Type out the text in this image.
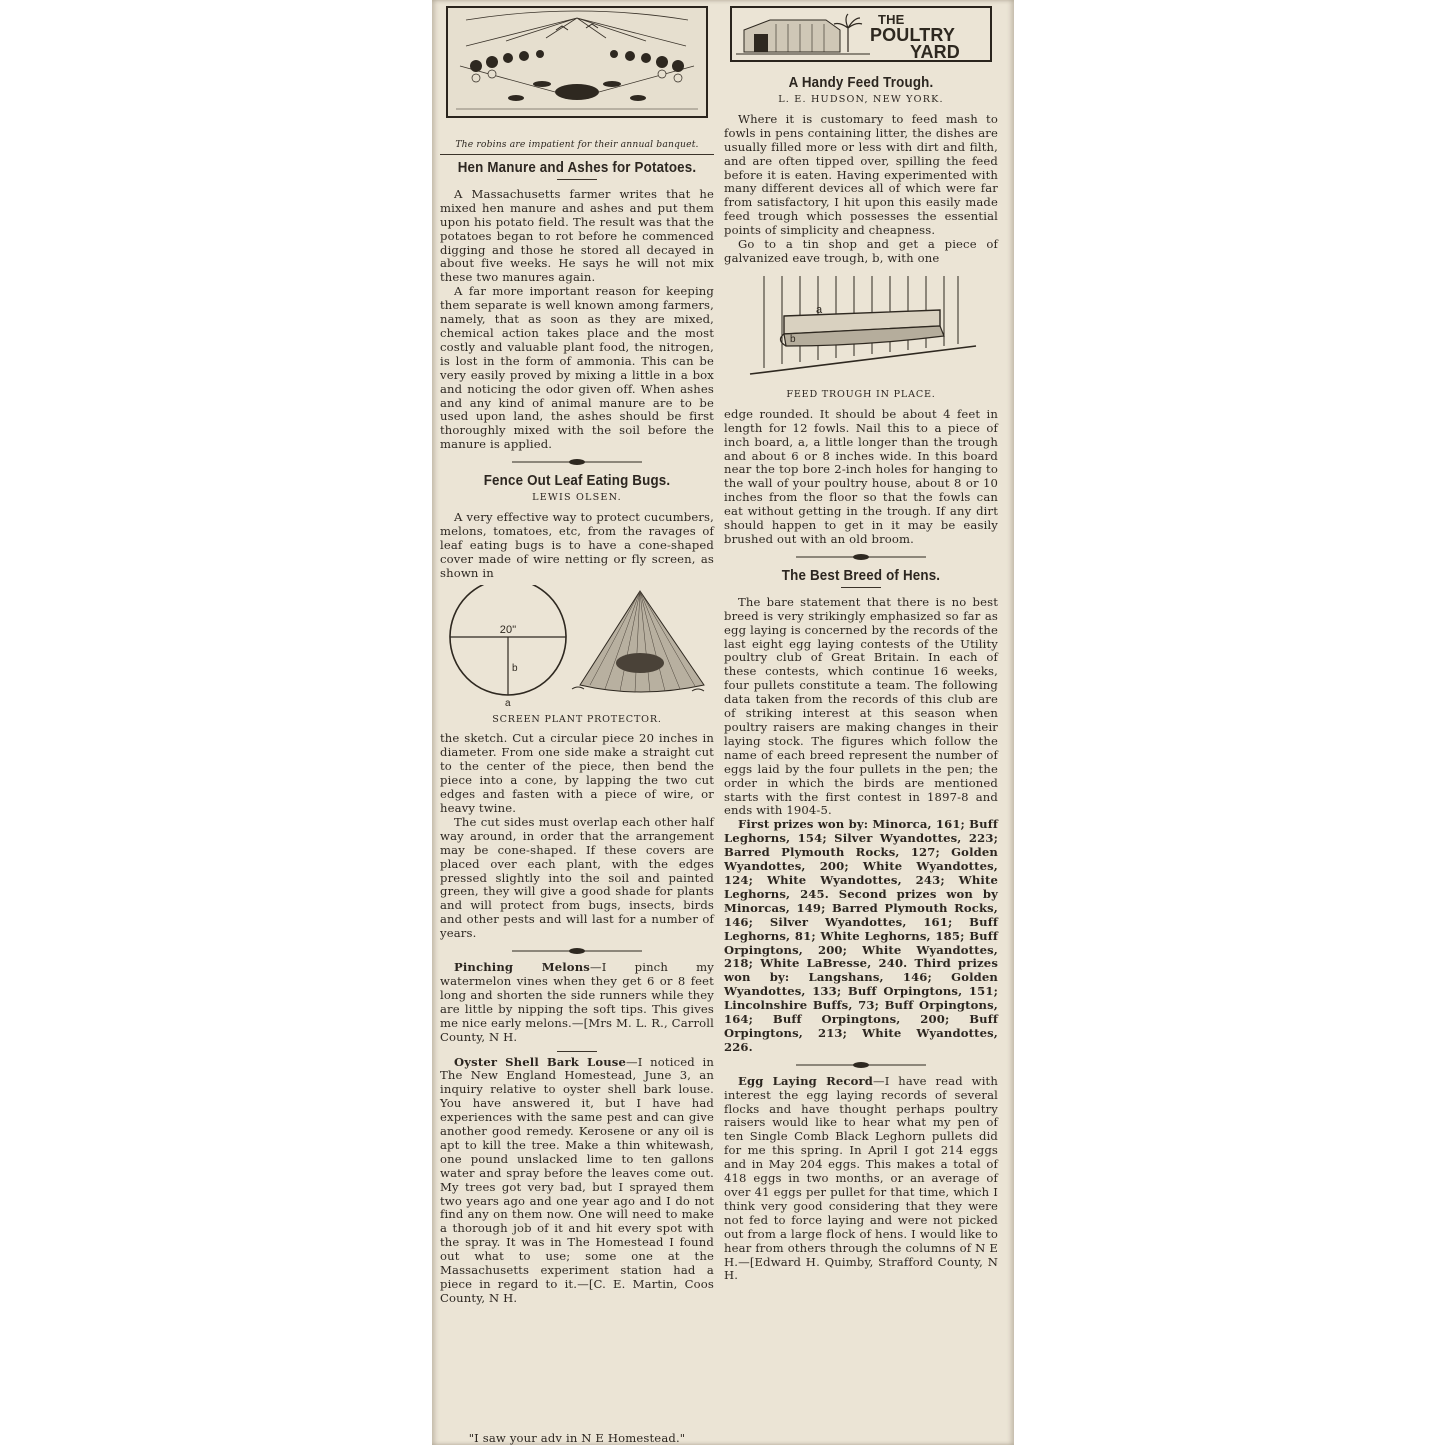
The robins are impatient for their annual banquet.
Hen Manure and Ashes for Potatoes.

A Massachusetts farmer writes that he mixed hen manure and ashes and put them upon his potato field. The result was that the potatoes began to rot before he commenced digging and those he stored all decayed in about five weeks. He says he will not mix these two manures again.

A far more important reason for keeping them separate is well known among farmers, namely, that as soon as they are mixed, chemical action takes place and the most costly and valuable plant food, the nitrogen, is lost in the form of ammonia. This can be very easily proved by mixing a little in a box and noticing the odor given off. When ashes and any kind of animal manure are to be used upon land, the ashes should be first thoroughly mixed with the soil before the manure is applied.

Fence Out Leaf Eating Bugs.
LEWIS OLSEN.

A very effective way to protect cucumbers, melons, tomatoes, etc, from the ravages of leaf eating bugs is to have a cone-shaped cover made of wire netting or fly screen, as shown in

20"
b
a
SCREEN PLANT PROTECTOR.

the sketch. Cut a circular piece 20 inches in diameter. From one side make a straight cut to the center of the piece, then bend the piece into a cone, by lapping the two cut edges and fasten with a piece of wire, or heavy twine.

The cut sides must overlap each other half way around, in order that the arrangement may be cone-shaped. If these covers are placed over each plant, with the edges pressed slightly into the soil and painted green, they will give a good shade for plants and will protect from bugs, insects, birds and other pests and will last for a number of years.

Pinching Melons—I pinch my watermelon vines when they get 6 or 8 feet long and shorten the side runners while they are little by nipping the soft tips. This gives me nice early melons.—[Mrs M. L. R., Carroll County, N H.

Oyster Shell Bark Louse—I noticed in The New England Homestead, June 3, an inquiry relative to oyster shell bark louse. You have answered it, but I have had experiences with the same pest and can give another good remedy. Kerosene or any oil is apt to kill the tree. Make a thin whitewash, one pound unslacked lime to ten gallons water and spray before the leaves come out. My trees got very bad, but I sprayed them two years ago and one year ago and I do not find any on them now. One will need to make a thorough job of it and hit every spot with the spray. It was in The Homestead I found out what to use; some one at the Massachusetts experiment station had a piece in regard to it.—[C. E. Martin, Coos County, N H.

"I saw your adv in N E Homestead."
THE
POULTRY
YARD
A Handy Feed Trough.
L. E. HUDSON, NEW YORK.

Where it is customary to feed mash to fowls in pens containing litter, the dishes are usually filled more or less with dirt and filth, and are often tipped over, spilling the feed before it is eaten. Having experimented with many different devices all of which were far from satisfactory, I hit upon this easily made feed trough which possesses the essential points of simplicity and cheapness.

Go to a tin shop and get a piece of galvanized eave trough, b, with one

a
b
FEED TROUGH IN PLACE.

edge rounded. It should be about 4 feet in length for 12 fowls. Nail this to a piece of inch board, a, a little longer than the trough and about 6 or 8 inches wide. In this board near the top bore 2-inch holes for hanging to the wall of your poultry house, about 8 or 10 inches from the floor so that the fowls can eat without getting in the trough. If any dirt should happen to get in it may be easily brushed out with an old broom.

The Best Breed of Hens.

The bare statement that there is no best breed is very strikingly emphasized so far as egg laying is concerned by the records of the last eight egg laying contests of the Utility poultry club of Great Britain. In each of these contests, which continue 16 weeks, four pullets constitute a team. The following data taken from the records of this club are of striking interest at this season when poultry raisers are making changes in their laying stock. The figures which follow the name of each breed represent the number of eggs laid by the four pullets in the pen; the order in which the birds are mentioned starts with the first contest in 1897-8 and ends with 1904-5.

First prizes won by: Minorca, 161; Buff Leghorns, 154; Silver Wyandottes, 223; Barred Plymouth Rocks, 127; Golden Wyandottes, 200; White Wyandottes, 124; White Wyandottes, 243; White Leghorns, 245. Second prizes won by Minorcas, 149; Barred Plymouth Rocks, 146; Silver Wyandottes, 161; Buff Leghorns, 81; White Leghorns, 185; Buff Orpingtons, 200; White Wyandottes, 218; White LaBresse, 240. Third prizes won by: Langshans, 146; Golden Wyandottes, 133; Buff Orpingtons, 151; Lincolnshire Buffs, 73; Buff Orpingtons, 164; Buff Orpingtons, 200; Buff Orpingtons, 213; White Wyandottes, 226.

Egg Laying Record—I have read with interest the egg laying records of several flocks and have thought perhaps poultry raisers would like to hear what my pen of ten Single Comb Black Leghorn pullets did for me this spring. In April I got 214 eggs and in May 204 eggs. This makes a total of 418 eggs in two months, or an average of over 41 eggs per pullet for that time, which I think very good considering that they were not fed to force laying and were not picked out from a large flock of hens. I would like to hear from others through the columns of N E H.—[Edward H. Quimby, Strafford County, N H.
